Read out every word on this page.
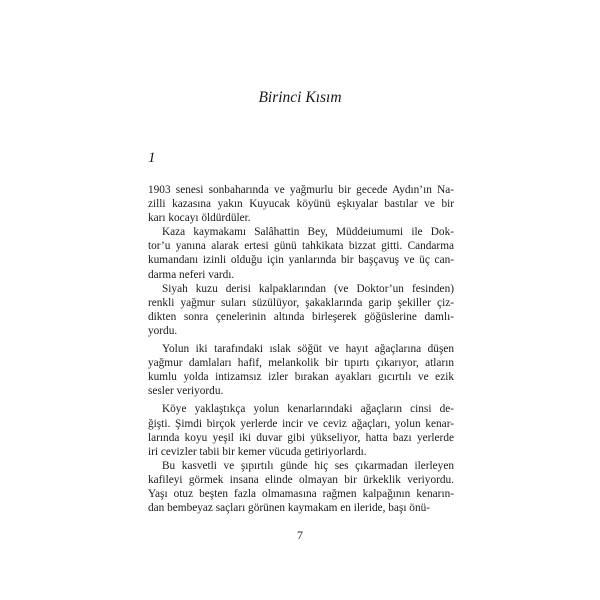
Birinci Kısım
1
1903 senesi sonbaharında ve yağmurlu bir gecede Aydın’ın Na-
zilli kazasına yakın Kuyucak köyünü eşkıyalar bastılar ve bir
karı kocayı öldürdüler.
Kaza kaymakamı Salâhattin Bey, Müddeiumumi ile Dok-
tor’u yanına alarak ertesi günü tahkikata bizzat gitti. Candarma
kumandanı izinli olduğu için yanlarında bir başçavuş ve üç can-
darma neferi vardı.
Siyah kuzu derisi kalpaklarından (ve Doktor’un fesinden)
renkli yağmur suları süzülüyor, şakaklarında garip şekiller çiz-
dikten sonra çenelerinin altında birleşerek göğüslerine damlı-
yordu.
Yolun iki tarafındaki ıslak söğüt ve hayıt ağaçlarına düşen
yağmur damlaları hafif, melankolik bir tıpırtı çıkarıyor, atların
kumlu yolda intizamsız izler bırakan ayakları gıcırtılı ve ezik
sesler veriyordu.
Köye yaklaştıkça yolun kenarlarındaki ağaçların cinsi de-
ğişti. Şimdi birçok yerlerde incir ve ceviz ağaçları, yolun kenar-
larında koyu yeşil iki duvar gibi yükseliyor, hatta bazı yerlerde
iri cevizler tabii bir kemer vücuda getiriyorlardı.
Bu kasvetli ve şıpırtılı günde hiç ses çıkarmadan ilerleyen
kafileyi görmek insana elinde olmayan bir ürkeklik veriyordu.
Yaşı otuz beşten fazla olmamasına rağmen kalpağının kenarın-
dan bembeyaz saçları görünen kaymakam en ileride, başı önü-
7
